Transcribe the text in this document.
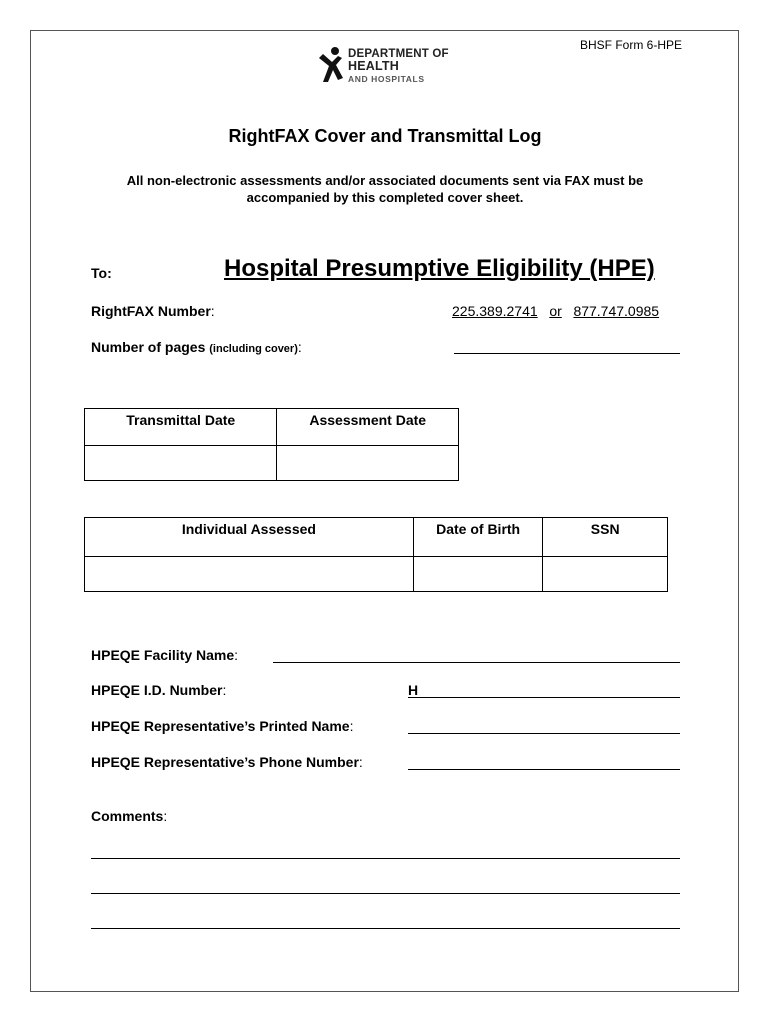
BHSF Form 6-HPE
DEPARTMENT OF
HEALTH
AND HOSPITALS
RightFAX Cover and Transmittal Log
All non-electronic assessments and/or associated documents sent via FAX must be accompanied by this completed cover sheet.
To:	Hospital Presumptive Eligibility (HPE)
RightFAX Number:	225.389.2741 or 877.747.0985
Number of pages (including cover):
Transmittal Date	Assessment Date

Individual Assessed	Date of Birth	SSN

HPEQE Facility Name:
HPEQE I.D. Number:	H
HPEQE Representative’s Printed Name:
HPEQE Representative’s Phone Number:
Comments:
